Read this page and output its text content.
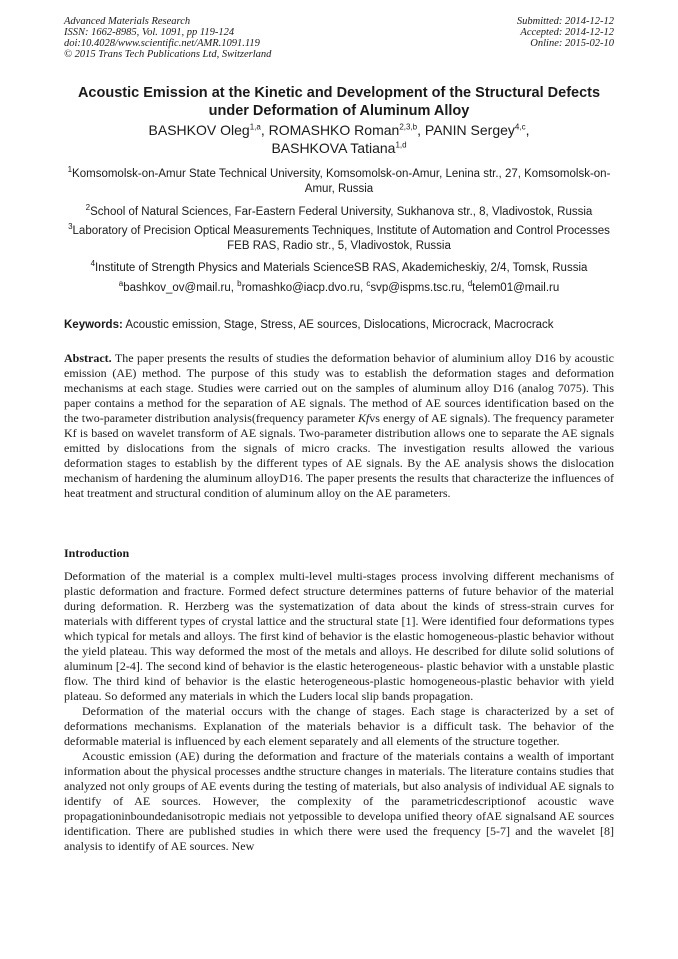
Advanced Materials Research
ISSN: 1662-8985, Vol. 1091, pp 119-124
doi:10.4028/www.scientific.net/AMR.1091.119
© 2015 Trans Tech Publications Ltd, Switzerland
Submitted: 2014-12-12
Accepted: 2014-12-12
Online: 2015-02-10
Acoustic Emission at the Kinetic and Development of the Structural Defects under Deformation of Aluminum Alloy
BASHKOV Oleg$^{1,a}$, ROMASHKO Roman$^{2,3,b}$, PANIN Sergey$^{4,c}$,
BASHKOVA Tatiana$^{1,d}$
$^1$Komsomolsk-on-Amur State Technical University, Komsomolsk-on-Amur, Lenina str., 27, Komsomolsk-on-Amur, Russia
$^2$School of Natural Sciences, Far-Eastern Federal University, Sukhanova str., 8, Vladivostok, Russia
$^3$Laboratory of Precision Optical Measurements Techniques, Institute of Automation and Control Processes FEB RAS, Radio str., 5, Vladivostok, Russia
$^4$Institute of Strength Physics and Materials ScienceSB RAS, Akademicheskiy, 2/4, Tomsk, Russia
$^a$bashkov_ov@mail.ru, $^b$romashko@iacp.dvo.ru, $^c$svp@ispms.tsc.ru, $^d$telem01@mail.ru
Keywords: Acoustic emission, Stage, Stress, AE sources, Dislocations, Microcrack, Macrocrack
Abstract. The paper presents the results of studies the deformation behavior of aluminium alloy D16 by acoustic emission (AE) method. The purpose of this study was to establish the deformation stages and deformation mechanisms at each stage. Studies were carried out on the samples of aluminum alloy D16 (analog 7075). This paper contains a method for the separation of AE signals. The method of AE sources identification based on the the two-parameter distribution analysis(frequency parameter Kfvs energy of AE signals). The frequency parameter Kf is based on wavelet transform of AE signals. Two-parameter distribution allows one to separate the AE signals emitted by dislocations from the signals of micro cracks. The investigation results allowed the various deformation stages to establish by the different types of AE signals. By the AE analysis shows the dislocation mechanism of hardening the aluminum alloyD16. The paper presents the results that characterize the influences of heat treatment and structural condition of aluminum alloy on the AE parameters.
Introduction

Deformation of the material is a complex multi-level multi-stages process involving different mechanisms of plastic deformation and fracture. Formed defect structure determines patterns of future behavior of the material during deformation. R. Herzberg was the systematization of data about the kinds of stress-strain curves for materials with different types of crystal lattice and the structural state [1]. Were identified four deformations types which typical for metals and alloys. The first kind of behavior is the elastic homogeneous-plastic behavior without the yield plateau. This way deformed the most of the metals and alloys. He described for dilute solid solutions of aluminum [2-4]. The second kind of behavior is the elastic heterogeneous- plastic behavior with a unstable plastic flow. The third kind of behavior is the elastic heterogeneous-plastic homogeneous-plastic behavior with yield plateau. So deformed any materials in which the Luders local slip bands propagation.

Deformation of the material occurs with the change of stages. Each stage is characterized by a set of deformations mechanisms. Explanation of the materials behavior is a difficult task. The behavior of the deformable material is influenced by each element separately and all elements of the structure together.

Acoustic emission (AE) during the deformation and fracture of the materials contains a wealth of important information about the physical processes andthe structure changes in materials. The literature contains studies that analyzed not only groups of AE events during the testing of materials, but also analysis of individual AE signals to identify of AE sources. However, the complexity of the parametricdescriptionof acoustic wave propagationinboundedanisotropic mediais not yetpossible to developa unified theory ofAE signalsand AE sources identification. There are published studies in which there were used the frequency [5-7] and the wavelet [8] analysis to identify of AE sources. New
